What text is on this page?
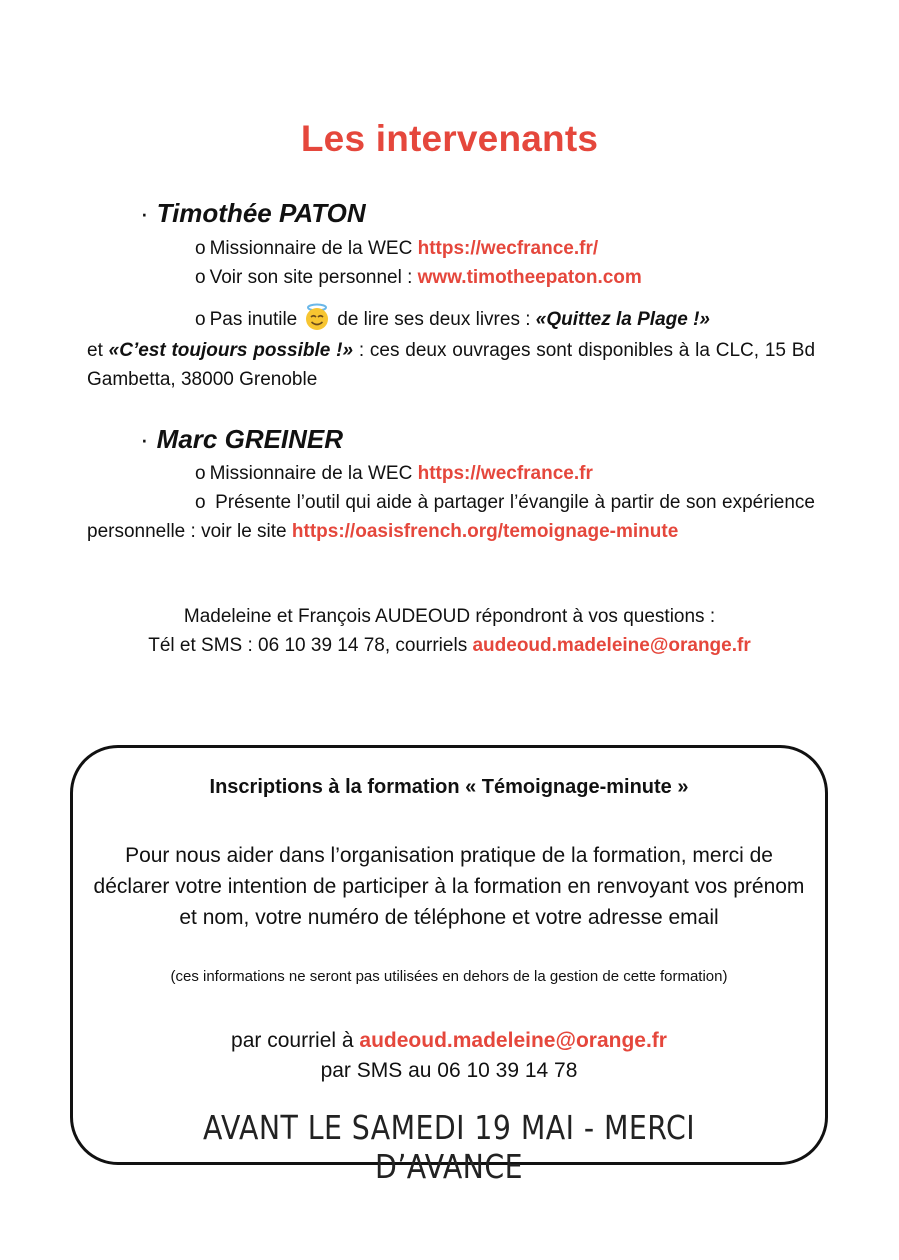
Les intervenants
· Timothée PATON
o Missionnaire de la WEC https://wecfrance.fr/
o Voir son site personnel : www.timotheepaton.com
o Pas inutile de lire ses deux livres : «Quittez la Plage !»
et «C’est toujours possible !» : ces deux ouvrages sont disponibles à la CLC, 15 Bd Gambetta, 38000 Grenoble
· Marc GREINER
o Missionnaire de la WEC https://wecfrance.fr
o Présente l’outil qui aide à partager l’évangile à partir de son expérience personnelle : voir le site https://oasisfrench.org/temoignage-minute
Madeleine et François AUDEOUD répondront à vos questions :
Tél et SMS : 06 10 39 14 78, courriels audeoud.madeleine@orange.fr
Inscriptions à la formation « Témoignage-minute »
Pour nous aider dans l’organisation pratique de la formation, merci de déclarer votre intention de participer à la formation en renvoyant vos prénom et nom, votre numéro de téléphone et votre adresse email
(ces informations ne seront pas utilisées en dehors de la gestion de cette formation)
par courriel à audeoud.madeleine@orange.fr
par SMS au 06 10 39 14 78
AVANT LE SAMEDI 19 MAI - MERCI D’AVANCE
